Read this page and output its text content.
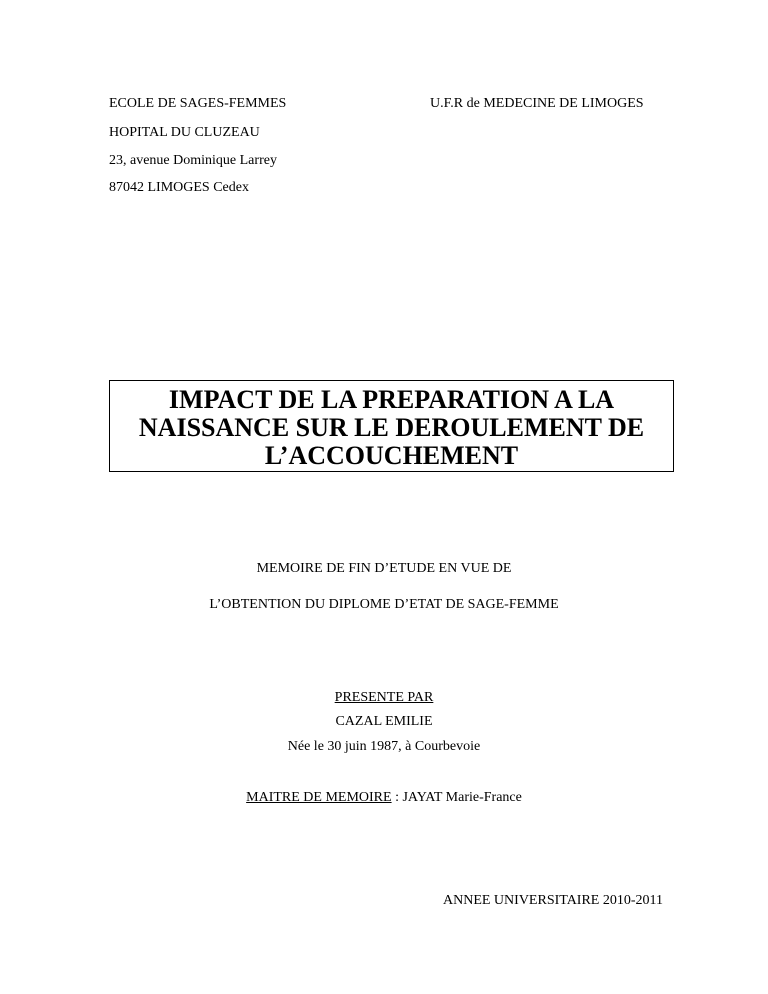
ECOLE DE SAGES-FEMMES
HOPITAL DU CLUZEAU
23, avenue Dominique Larrey
87042 LIMOGES Cedex
U.F.R de MEDECINE DE LIMOGES
IMPACT DE LA PREPARATION A LA
NAISSANCE SUR LE DEROULEMENT DE
L’ACCOUCHEMENT
MEMOIRE DE FIN D’ETUDE EN VUE DE
L’OBTENTION DU DIPLOME D’ETAT DE SAGE-FEMME
PRESENTE PAR
CAZAL EMILIE
Née le 30 juin 1987, à Courbevoie
MAITRE DE MEMOIRE : JAYAT Marie-France
ANNEE UNIVERSITAIRE 2010-2011
